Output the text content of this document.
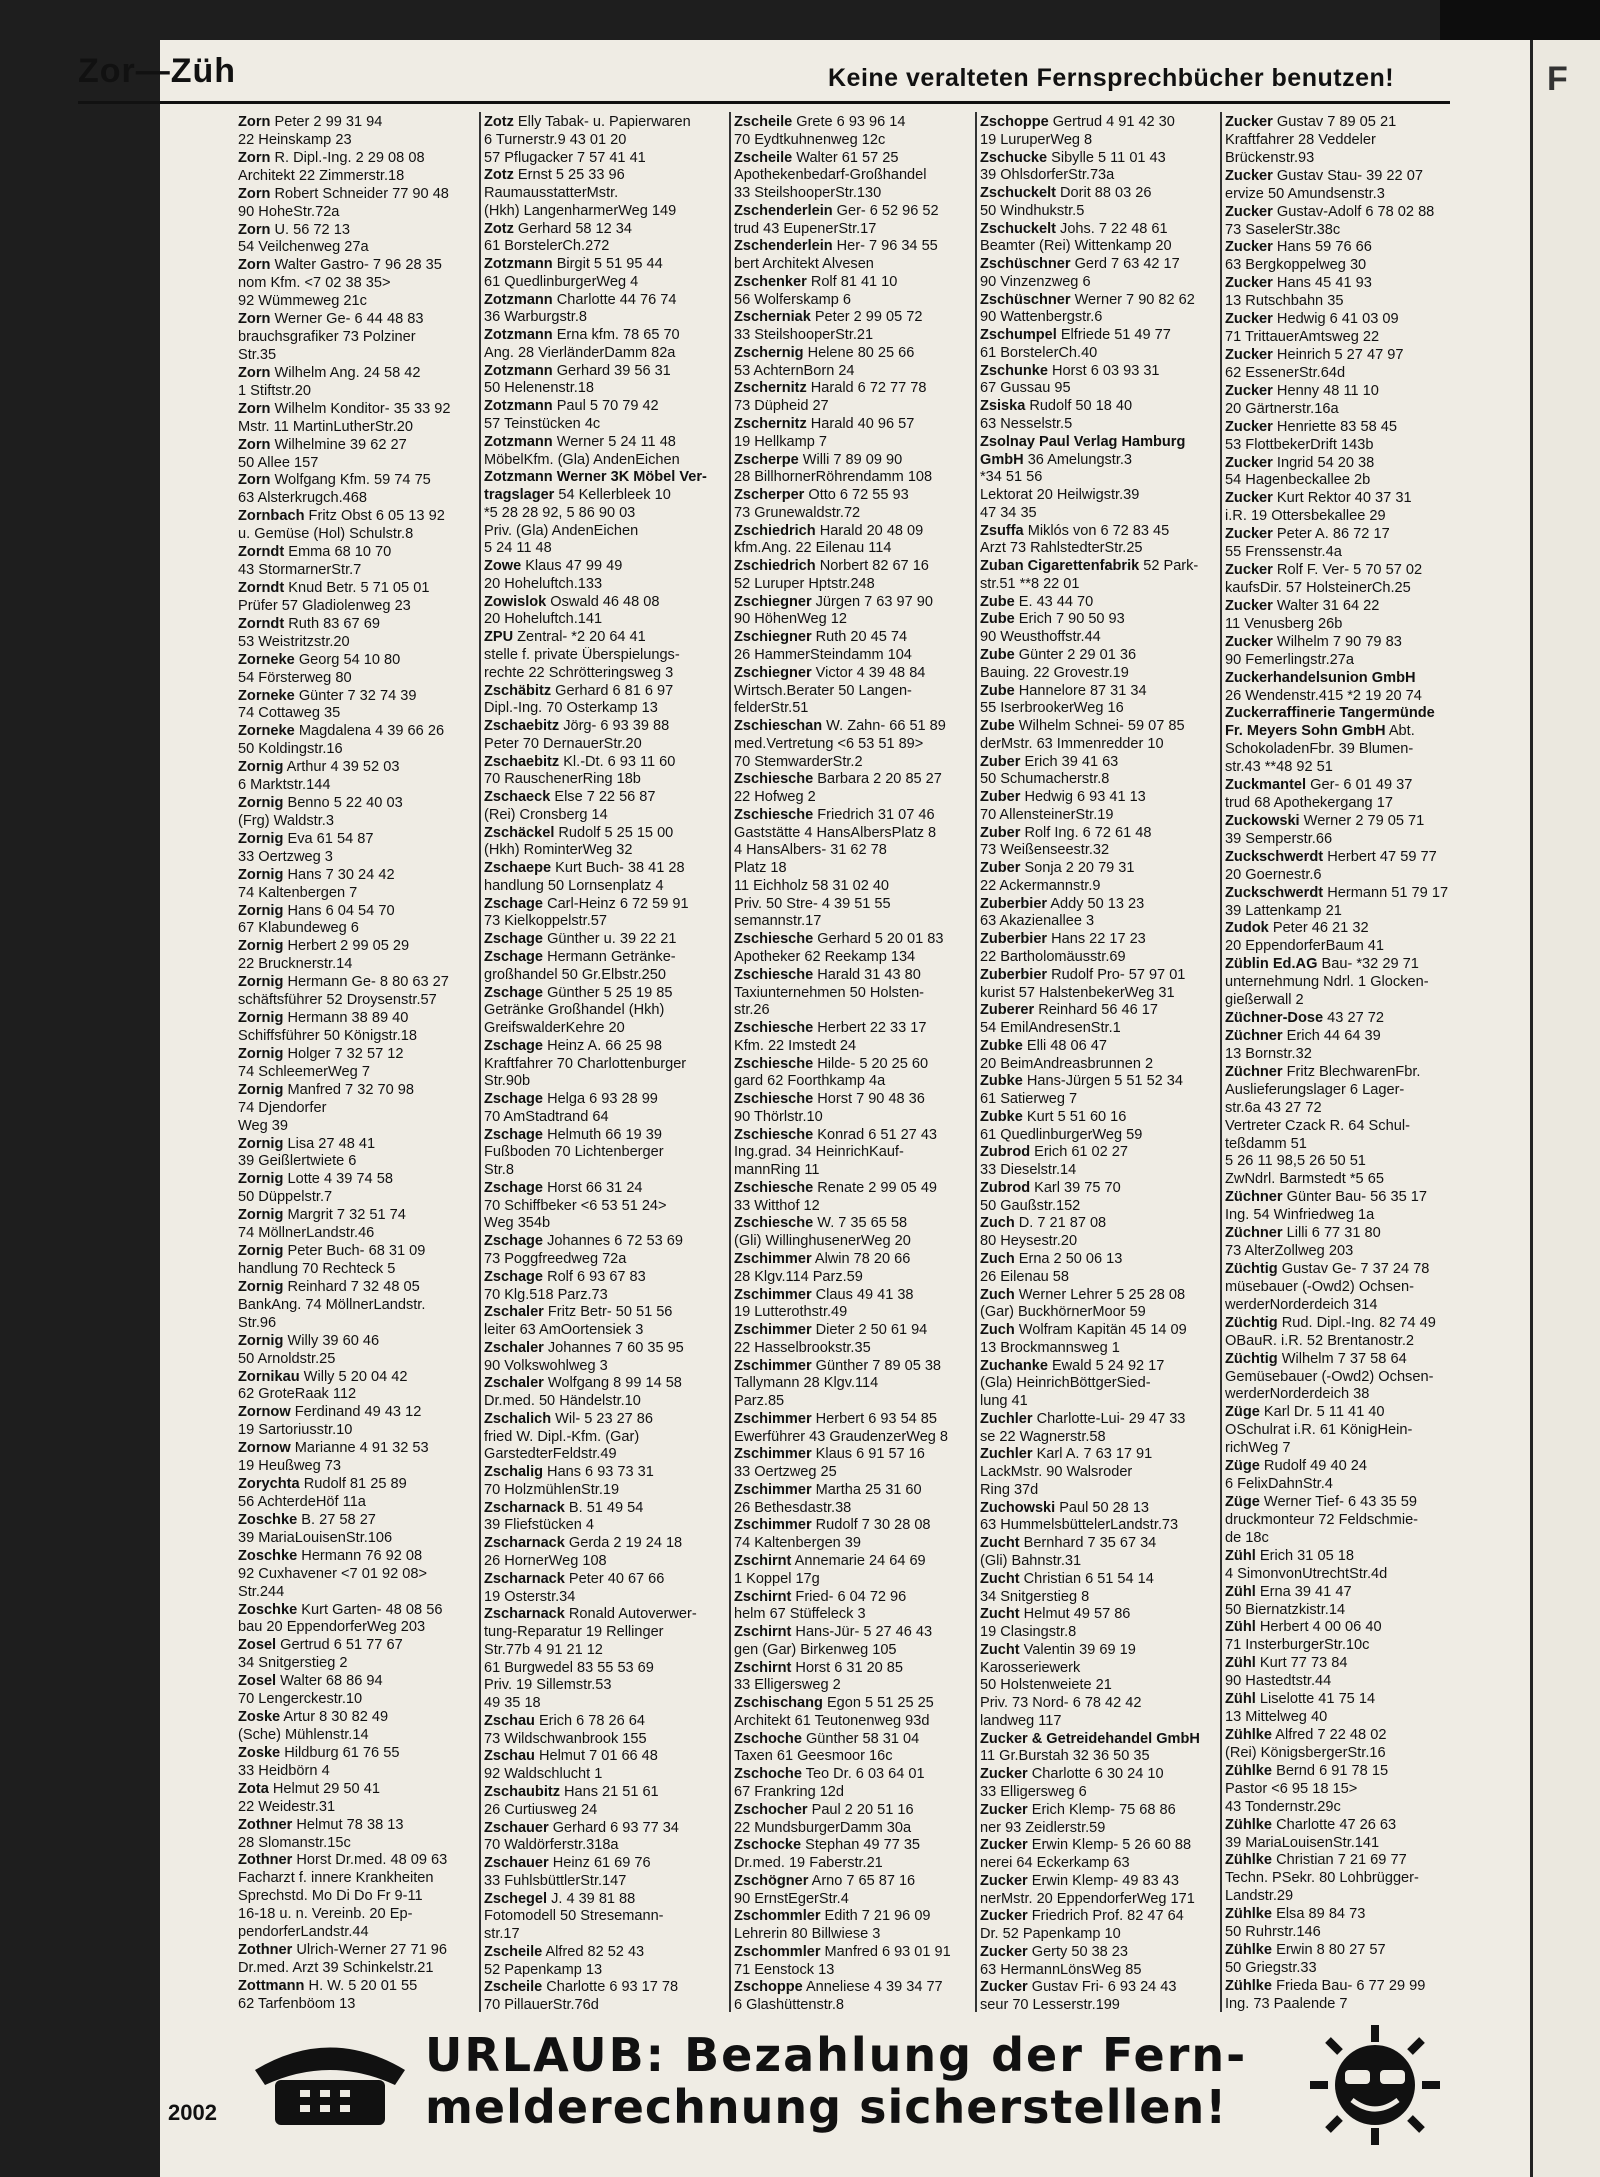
F
Zor—Züh	Keine veralteten Fernsprechbücher benutzen!
Zorn Peter 2 99 31 94
22 Heinskamp 23
Zorn R. Dipl.-Ing. 2 29 08 08
Architekt 22 Zimmerstr.18
Zorn Robert Schneider 77 90 48
90 HoheStr.72a
Zorn U. 56 72 13
54 Veilchenweg 27a
Zorn Walter Gastro- 7 96 28 35
nom Kfm. <7 02 38 35>
92 Wümmeweg 21c
Zorn Werner Ge- 6 44 48 83
brauchsgrafiker 73 Polziner
Str.35
Zorn Wilhelm Ang. 24 58 42
1 Stiftstr.20
Zorn Wilhelm Konditor- 35 33 92
Mstr. 11 MartinLutherStr.20
Zorn Wilhelmine 39 62 27
50 Allee 157
Zorn Wolfgang Kfm. 59 74 75
63 Alsterkrugch.468
Zornbach Fritz Obst 6 05 13 92
u. Gemüse (Hol) Schulstr.8
Zorndt Emma 68 10 70
43 StormarnerStr.7
Zorndt Knud Betr. 5 71 05 01
Prüfer 57 Gladiolenweg 23
Zorndt Ruth 83 67 69
53 Weistritzstr.20
Zorneke Georg 54 10 80
54 Försterweg 80
Zorneke Günter 7 32 74 39
74 Cottaweg 35
Zorneke Magdalena 4 39 66 26
50 Koldingstr.16
Zornig Arthur 4 39 52 03
6 Marktstr.144
Zornig Benno 5 22 40 03
(Frg) Waldstr.3
Zornig Eva 61 54 87
33 Oertzweg 3
Zornig Hans 7 30 24 42
74 Kaltenbergen 7
Zornig Hans 6 04 54 70
67 Klabundeweg 6
Zornig Herbert 2 99 05 29
22 Brucknerstr.14
Zornig Hermann Ge- 8 80 63 27
schäftsführer 52 Droysenstr.57
Zornig Hermann 38 89 40
Schiffsführer 50 Königstr.18
Zornig Holger 7 32 57 12
74 SchleemerWeg 7
Zornig Manfred 7 32 70 98
74 Djendorfer
Weg 39
Zornig Lisa 27 48 41
39 Geißlertwiete 6
Zornig Lotte 4 39 74 58
50 Düppelstr.7
Zornig Margrit 7 32 51 74
74 MöllnerLandstr.46
Zornig Peter Buch- 68 31 09
handlung 70 Rechteck 5
Zornig Reinhard 7 32 48 05
BankAng. 74 MöllnerLandstr.
Str.96
Zornig Willy 39 60 46
50 Arnoldstr.25
Zornikau Willy 5 20 04 42
62 GroteRaak 112
Zornow Ferdinand 49 43 12
19 Sartoriusstr.10
Zornow Marianne 4 91 32 53
19 Heußweg 73
Zorychta Rudolf 81 25 89
56 AchterdeHöf 11a
Zoschke B. 27 58 27
39 MariaLouisenStr.106
Zoschke Hermann 76 92 08
92 Cuxhavener <7 01 92 08>
Str.244
Zoschke Kurt Garten- 48 08 56
bau 20 EppendorferWeg 203
Zosel Gertrud 6 51 77 67
34 Snitgerstieg 2
Zosel Walter 68 86 94
70 Lengerckestr.10
Zoske Artur 8 30 82 49
(Sche) Mühlenstr.14
Zoske Hildburg 61 76 55
33 Heidbörn 4
Zota Helmut 29 50 41
22 Weidestr.31
Zothner Helmut 78 38 13
28 Slomanstr.15c
Zothner Horst Dr.med. 48 09 63
Facharzt f. innere Krankheiten
Sprechstd. Mo Di Do Fr 9-11
16-18 u. n. Vereinb. 20 Ep-
pendorferLandstr.44
Zothner Ulrich-Werner 27 71 96
Dr.med. Arzt 39 Schinkelstr.21
Zottmann H. W. 5 20 01 55
62 Tarfenböom 13
Zotz Elly Tabak- u. Papierwaren
6 Turnerstr.9 43 01 20
57 Pflugacker 7 57 41 41
Zotz Ernst 5 25 33 96
RaumausstatterMstr.
(Hkh) LangenharmerWeg 149
Zotz Gerhard 58 12 34
61 BorstelerCh.272
Zotzmann Birgit 5 51 95 44
61 QuedlinburgerWeg 4
Zotzmann Charlotte 44 76 74
36 Warburgstr.8
Zotzmann Erna kfm. 78 65 70
Ang. 28 VierländerDamm 82a
Zotzmann Gerhard 39 56 31
50 Helenenstr.18
Zotzmann Paul 5 70 79 42
57 Teinstücken 4c
Zotzmann Werner 5 24 11 48
MöbelKfm. (Gla) AndenEichen
Zotzmann Werner 3K Möbel Ver-
tragslager 54 Kellerbleek 10
*5 28 28 92, 5 86 90 03
Priv. (Gla) AndenEichen
5 24 11 48
Zowe Klaus 47 99 49
20 Hoheluftch.133
Zowislok Oswald 46 48 08
20 Hoheluftch.141
ZPU Zentral- *2 20 64 41
stelle f. private Überspielungs-
rechte 22 Schrötteringsweg 3
Zschäbitz Gerhard 6 81 6 97
Dipl.-Ing. 70 Osterkamp 13
Zschaebitz Jörg- 6 93 39 88
Peter 70 DernauerStr.20
Zschaebitz Kl.-Dt. 6 93 11 60
70 RauschenerRing 18b
Zschaeck Else 7 22 56 87
(Rei) Cronsberg 14
Zschäckel Rudolf 5 25 15 00
(Hkh) RominterWeg 32
Zschaepe Kurt Buch- 38 41 28
handlung 50 Lornsenplatz 4
Zschage Carl-Heinz 6 72 59 91
73 Kielkoppelstr.57
Zschage Günther u. 39 22 21
Zschage Hermann Getränke-
großhandel 50 Gr.Elbstr.250
Zschage Günther 5 25 19 85
Getränke Großhandel (Hkh)
GreifswalderKehre 20
Zschage Heinz A. 66 25 98
Kraftfahrer 70 Charlottenburger
Str.90b
Zschage Helga 6 93 28 99
70 AmStadtrand 64
Zschage Helmuth 66 19 39
Fußboden 70 Lichtenberger
Str.8
Zschage Horst 66 31 24
70 Schiffbeker <6 53 51 24>
Weg 354b
Zschage Johannes 6 72 53 69
73 Poggfreedweg 72a
Zschage Rolf 6 93 67 83
70 Klg.518 Parz.73
Zschaler Fritz Betr- 50 51 56
leiter 63 AmOortensiek 3
Zschaler Johannes 7 60 35 95
90 Volkswohlweg 3
Zschaler Wolfgang 8 99 14 58
Dr.med. 50 Händelstr.10
Zschalich Wil- 5 23 27 86
fried W. Dipl.-Kfm. (Gar)
GarstedterFeldstr.49
Zschalig Hans 6 93 73 31
70 HolzmühlenStr.19
Zscharnack B. 51 49 54
39 Fliefstücken 4
Zscharnack Gerda 2 19 24 18
26 HornerWeg 108
Zscharnack Peter 40 67 66
19 Osterstr.34
Zscharnack Ronald Autoverwer-
tung-Reparatur 19 Rellinger
Str.77b 4 91 21 12
61 Burgwedel 83 55 53 69
Priv. 19 Sillemstr.53
49 35 18
Zschau Erich 6 78 26 64
73 Wildschwanbrook 155
Zschau Helmut 7 01 66 48
92 Waldschlucht 1
Zschaubitz Hans 21 51 61
26 Curtiusweg 24
Zschauer Gerhard 6 93 77 34
70 Waldörferstr.318a
Zschauer Heinz 61 69 76
33 FuhlsbüttlerStr.147
Zschegel J. 4 39 81 88
Fotomodell 50 Stresemann-
str.17
Zscheile Alfred 82 52 43
52 Papenkamp 13
Zscheile Charlotte 6 93 17 78
70 PillauerStr.76d
Zscheile Grete 6 93 96 14
70 Eydtkuhnenweg 12c
Zscheile Walter 61 57 25
Apothekenbedarf-Großhandel
33 SteilshooperStr.130
Zschenderlein Ger- 6 52 96 52
trud 43 EupenerStr.17
Zschenderlein Her- 7 96 34 55
bert Architekt Alvesen
Zschenker Rolf 81 41 10
56 Wolferskamp 6
Zscherniak Peter 2 99 05 72
33 SteilshooperStr.21
Zschernig Helene 80 25 66
53 AchternBorn 24
Zschernitz Harald 6 72 77 78
73 Düpheid 27
Zschernitz Harald 40 96 57
19 Hellkamp 7
Zscherpe Willi 7 89 09 90
28 BillhornerRöhrendamm 108
Zscherper Otto 6 72 55 93
73 Grunewaldstr.72
Zschiedrich Harald 20 48 09
kfm.Ang. 22 Eilenau 114
Zschiedrich Norbert 82 67 16
52 Luruper Hptstr.248
Zschiegner Jürgen 7 63 97 90
90 HöhenWeg 12
Zschiegner Ruth 20 45 74
26 HammerSteindamm 104
Zschiegner Victor 4 39 48 84
Wirtsch.Berater 50 Langen-
felderStr.51
Zschieschan W. Zahn- 66 51 89
med.Vertretung <6 53 51 89>
70 StemwarderStr.2
Zschiesche Barbara 2 20 85 27
22 Hofweg 2
Zschiesche Friedrich 31 07 46
Gaststätte 4 HansAlbersPlatz 8
4 HansAlbers- 31 62 78
Platz 18
11 Eichholz 58 31 02 40
Priv. 50 Stre- 4 39 51 55
semannstr.17
Zschiesche Gerhard 5 20 01 83
Apotheker 62 Reekamp 134
Zschiesche Harald 31 43 80
Taxiunternehmen 50 Holsten-
str.26
Zschiesche Herbert 22 33 17
Kfm. 22 Imstedt 24
Zschiesche Hilde- 5 20 25 60
gard 62 Foorthkamp 4a
Zschiesche Horst 7 90 48 36
90 Thörlstr.10
Zschiesche Konrad 6 51 27 43
Ing.grad. 34 HeinrichKauf-
mannRing 11
Zschiesche Renate 2 99 05 49
33 Witthof 12
Zschiesche W. 7 35 65 58
(Gli) WillinghusenerWeg 20
Zschimmer Alwin 78 20 66
28 Klgv.114 Parz.59
Zschimmer Claus 49 41 38
19 Lutterothstr.49
Zschimmer Dieter 2 50 61 94
22 Hasselbrookstr.35
Zschimmer Günther 7 89 05 38
Tallymann 28 Klgv.114
Parz.85
Zschimmer Herbert 6 93 54 85
Ewerführer 43 GraudenzerWeg 8
Zschimmer Klaus 6 91 57 16
33 Oertzweg 25
Zschimmer Martha 25 31 60
26 Bethesdastr.38
Zschimmer Rudolf 7 30 28 08
74 Kaltenbergen 39
Zschirnt Annemarie 24 64 69
1 Koppel 17g
Zschirnt Fried- 6 04 72 96
helm 67 Stüffeleck 3
Zschirnt Hans-Jür- 5 27 46 43
gen (Gar) Birkenweg 105
Zschirnt Horst 6 31 20 85
33 Elligersweg 2
Zschischang Egon 5 51 25 25
Architekt 61 Teutonenweg 93d
Zschoche Günther 58 31 04
Taxen 61 Geesmoor 16c
Zschoche Teo Dr. 6 03 64 01
67 Frankring 12d
Zschocher Paul 2 20 51 16
22 MundsburgerDamm 30a
Zschocke Stephan 49 77 35
Dr.med. 19 Faberstr.21
Zschögner Arno 7 65 87 16
90 ErnstEgerStr.4
Zschommler Edith 7 21 96 09
Lehrerin 80 Billwiese 3
Zschommler Manfred 6 93 01 91
71 Eenstock 13
Zschoppe Anneliese 4 39 34 77
6 Glashüttenstr.8
Zschoppe Gertrud 4 91 42 30
19 LuruperWeg 8
Zschucke Sibylle 5 11 01 43
39 OhlsdorferStr.73a
Zschuckelt Dorit 88 03 26
50 Windhukstr.5
Zschuckelt Johs. 7 22 48 61
Beamter (Rei) Wittenkamp 20
Zschüschner Gerd 7 63 42 17
90 Vinzenzweg 6
Zschüschner Werner 7 90 82 62
90 Wattenbergstr.6
Zschumpel Elfriede 51 49 77
61 BorstelerCh.40
Zschunke Horst 6 03 93 31
67 Gussau 95
Zsiska Rudolf 50 18 40
63 Nesselstr.5
Zsolnay Paul Verlag Hamburg
GmbH 36 Amelungstr.3
*34 51 56
Lektorat 20 Heilwigstr.39
47 34 35
Zsuffa Miklós von 6 72 83 45
Arzt 73 RahlstedterStr.25
Zuban Cigarettenfabrik 52 Park-
str.51 **8 22 01
Zube E. 43 44 70
Zube Erich 7 90 50 93
90 Weusthoffstr.44
Zube Günter 2 29 01 36
Bauing. 22 Grovestr.19
Zube Hannelore 87 31 34
55 IserbrookerWeg 16
Zube Wilhelm Schnei- 59 07 85
derMstr. 63 Immenredder 10
Zuber Erich 39 41 63
50 Schumacherstr.8
Zuber Hedwig 6 93 41 13
70 AllensteinerStr.19
Zuber Rolf Ing. 6 72 61 48
73 Weißenseestr.32
Zuber Sonja 2 20 79 31
22 Ackermannstr.9
Zuberbier Addy 50 13 23
63 Akazienallee 3
Zuberbier Hans 22 17 23
22 Bartholomäusstr.69
Zuberbier Rudolf Pro- 57 97 01
kurist 57 HalstenbekerWeg 31
Zuberer Reinhard 56 46 17
54 EmilAndresenStr.1
Zubke Elli 48 06 47
20 BeimAndreasbrunnen 2
Zubke Hans-Jürgen 5 51 52 34
61 Satierweg 7
Zubke Kurt 5 51 60 16
61 QuedlinburgerWeg 59
Zubrod Erich 61 02 27
33 Dieselstr.14
Zubrod Karl 39 75 70
50 Gaußstr.152
Zuch D. 7 21 87 08
80 Heysestr.20
Zuch Erna 2 50 06 13
26 Eilenau 58
Zuch Werner Lehrer 5 25 28 08
(Gar) BuckhörnerMoor 59
Zuch Wolfram Kapitän 45 14 09
13 Brockmannsweg 1
Zuchanke Ewald 5 24 92 17
(Gla) HeinrichBöttgerSied-
lung 41
Zuchler Charlotte-Lui- 29 47 33
se 22 Wagnerstr.58
Zuchler Karl A. 7 63 17 91
LackMstr. 90 Walsroder
Ring 37d
Zuchowski Paul 50 28 13
63 HummelsbüttelerLandstr.73
Zucht Bernhard 7 35 67 34
(Gli) Bahnstr.31
Zucht Christian 6 51 54 14
34 Snitgerstieg 8
Zucht Helmut 49 57 86
19 Clasingstr.8
Zucht Valentin 39 69 19
Karosseriewerk
50 Holstenweiete 21
Priv. 73 Nord- 6 78 42 42
landweg 117
Zucker & Getreidehandel GmbH
11 Gr.Burstah 32 36 50 35
Zucker Charlotte 6 30 24 10
33 Elligersweg 6
Zucker Erich Klemp- 75 68 86
ner 93 Zeidlerstr.59
Zucker Erwin Klemp- 5 26 60 88
nerei 64 Eckerkamp 63
Zucker Erwin Klemp- 49 83 43
nerMstr. 20 EppendorferWeg 171
Zucker Friedrich Prof. 82 47 64
Dr. 52 Papenkamp 10
Zucker Gerty 50 38 23
63 HermannLönsWeg 85
Zucker Gustav Fri- 6 93 24 43
seur 70 Lesserstr.199
Zucker Gustav 7 89 05 21
Kraftfahrer 28 Veddeler
Brückenstr.93
Zucker Gustav Stau- 39 22 07
ervize 50 Amundsenstr.3
Zucker Gustav-Adolf 6 78 02 88
73 SaselerStr.38c
Zucker Hans 59 76 66
63 Bergkoppelweg 30
Zucker Hans 45 41 93
13 Rutschbahn 35
Zucker Hedwig 6 41 03 09
71 TrittauerAmtsweg 22
Zucker Heinrich 5 27 47 97
62 EssenerStr.64d
Zucker Henny 48 11 10
20 Gärtnerstr.16a
Zucker Henriette 83 58 45
53 FlottbekerDrift 143b
Zucker Ingrid 54 20 38
54 Hagenbeckallee 2b
Zucker Kurt Rektor 40 37 31
i.R. 19 Ottersbekallee 29
Zucker Peter A. 86 72 17
55 Frenssenstr.4a
Zucker Rolf F. Ver- 5 70 57 02
kaufsDir. 57 HolsteinerCh.25
Zucker Walter 31 64 22
11 Venusberg 26b
Zucker Wilhelm 7 90 79 83
90 Femerlingstr.27a
Zuckerhandelsunion GmbH
26 Wendenstr.415 *2 19 20 74
Zuckerraffinerie Tangermünde
Fr. Meyers Sohn GmbH Abt.
SchokoladenFbr. 39 Blumen-
str.43 **48 92 51
Zuckmantel Ger- 6 01 49 37
trud 68 Apothekergang 17
Zuckowski Werner 2 79 05 71
39 Semperstr.66
Zuckschwerdt Herbert 47 59 77
20 Goernestr.6
Zuckschwerdt Hermann 51 79 17
39 Lattenkamp 21
Zudok Peter 46 21 32
20 EppendorferBaum 41
Züblin Ed.AG Bau- *32 29 71
unternehmung Ndrl. 1 Glocken-
gießerwall 2
Züchner-Dose 43 27 72
Züchner Erich 44 64 39
13 Bornstr.32
Züchner Fritz BlechwarenFbr.
Auslieferungslager 6 Lager-
str.6a 43 27 72
Vertreter Czack R. 64 Schul-
teßdamm 51
5 26 11 98,5 26 50 51
ZwNdrl. Barmstedt *5 65
Züchner Günter Bau- 56 35 17
Ing. 54 Winfriedweg 1a
Züchner Lilli 6 77 31 80
73 AlterZollweg 203
Züchtig Gustav Ge- 7 37 24 78
müsebauer (-Owd2) Ochsen-
werderNorderdeich 314
Züchtig Rud. Dipl.-Ing. 82 74 49
OBauR. i.R. 52 Brentanostr.2
Züchtig Wilhelm 7 37 58 64
Gemüsebauer (-Owd2) Ochsen-
werderNorderdeich 38
Züge Karl Dr. 5 11 41 40
OSchulrat i.R. 61 KönigHein-
richWeg 7
Züge Rudolf 49 40 24
6 FelixDahnStr.4
Züge Werner Tief- 6 43 35 59
druckmonteur 72 Feldschmie-
de 18c
Zühl Erich 31 05 18
4 SimonvonUtrechtStr.4d
Zühl Erna 39 41 47
50 Biernatzkistr.14
Zühl Herbert 4 00 06 40
71 InsterburgerStr.10c
Zühl Kurt 77 73 84
90 Hastedtstr.44
Zühl Liselotte 41 75 14
13 Mittelweg 40
Zühlke Alfred 7 22 48 02
(Rei) KönigsbergerStr.16
Zühlke Bernd 6 91 78 15
Pastor <6 95 18 15>
43 Tondernstr.29c
Zühlke Charlotte 47 26 63
39 MariaLouisenStr.141
Zühlke Christian 7 21 69 77
Techn. PSekr. 80 Lohbrügger-
Landstr.29
Zühlke Elsa 89 84 73
50 Ruhrstr.146
Zühlke Erwin 8 80 27 57
50 Griegstr.33
Zühlke Frieda Bau- 6 77 29 99
Ing. 73 Paalende 7
URLAUB: Bezahlung der Fern-
melderechnung sicherstellen!
2002
